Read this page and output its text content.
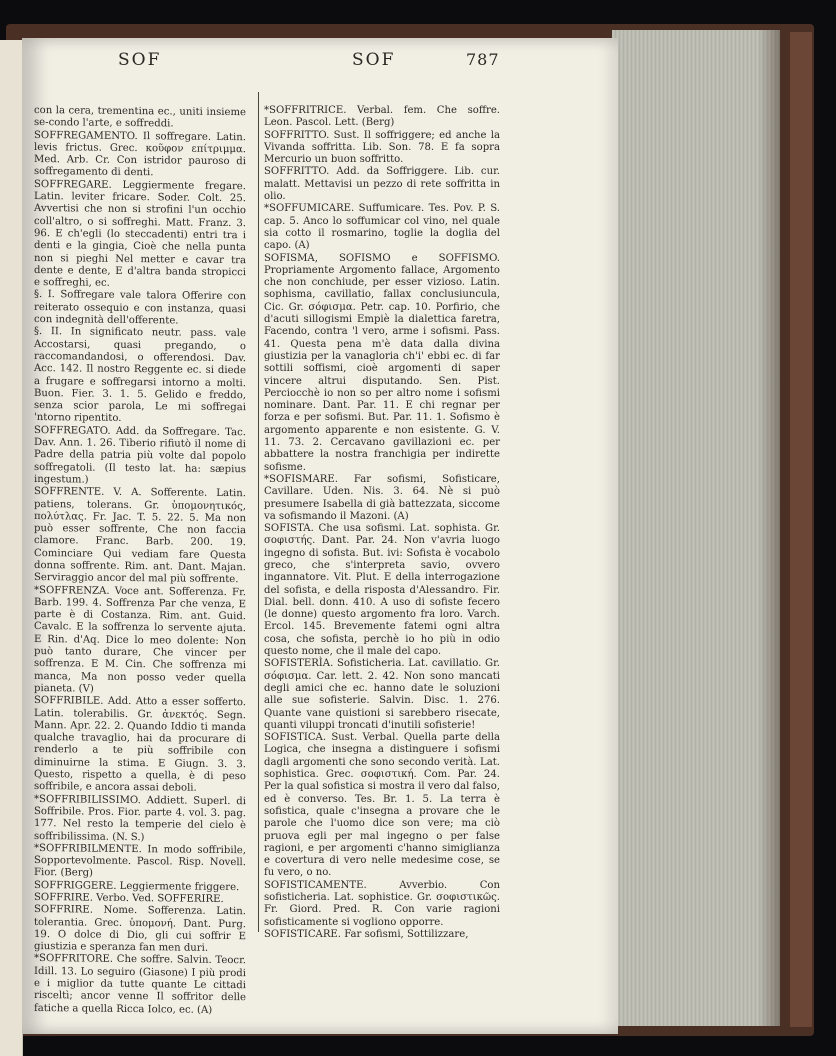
SOF	SOF	787

con la cera, trementina ec., uniti insieme se-condo l'arte, e soffreddi.

SOFFREGAMENTO. Il soffregare. Latin. levis frictus. Grec. κοῦφον επίτριμμα. Med. Arb. Cr. Con istridor pauroso di soffregamento di denti.

SOFFREGARE. Leggiermente fregare. Latin. leviter fricare. Soder. Colt. 25. Avvertisi che non si strofini l'un occhio coll'altro, o si soffreghi. Matt. Franz. 3. 96. E ch'egli (lo steccadenti) entri tra i denti e la gingia, Cioè che nella punta non si pieghi Nel metter e cavar tra dente e dente, E d'altra banda stropicci e soffreghi, ec.

§. I. Soffregare vale talora Offerire con reiterato ossequio e con instanza, quasi con indegnità dell'offerente.

§. II. In significato neutr. pass. vale Accostarsi, quasi pregando, o raccomandandosi, o offerendosi. Dav. Acc. 142. Il nostro Reggente ec. si diede a frugare e soffregarsi intorno a molti. Buon. Fier. 3. 1. 5. Gelido e freddo, senza scior parola, Le mi soffregai 'ntorno ripentito.

SOFFREGATO. Add. da Soffregare. Tac. Dav. Ann. 1. 26. Tiberio rifiutò il nome di Padre della patria più volte dal popolo soffregatoli. (Il testo lat. ha: sæpius ingestum.)

SOFFRENTE. V. A. Sofferente. Latin. patiens, tolerans. Gr. ὑπομονητικός, πολύτλας. Fr. Jac. T. 5. 22. 5. Ma non può esser soffrente, Che non faccia clamore. Franc. Barb. 200. 19. Cominciare Qui vediam fare Questa donna soffrente. Rim. ant. Dant. Majan. Serviraggio ancor del mal più soffrente.

*SOFFRENZA. Voce ant. Sofferenza. Fr. Barb. 199. 4. Soffrenza Par che venza, E parte è di Costanza. Rim. ant. Guid. Cavalc. E la soffrenza lo servente ajuta. E Rin. d'Aq. Dice lo meo dolente: Non può tanto durare, Che vincer per soffrenza. E M. Cin. Che soffrenza mi manca, Ma non posso veder quella pianeta. (V)

SOFFRIBILE. Add. Atto a esser sofferto. Latin. tolerabilis. Gr. ἀνεκτός. Segn. Mann. Apr. 22. 2. Quando Iddio ti manda qualche travaglio, hai da procurare di renderlo a te più soffribile con diminuirne la stima. E Giugn. 3. 3. Questo, rispetto a quella, è di peso soffribile, e ancora assai deboli.

*SOFFRIBILISSIMO. Addiett. Superl. di Soffribile. Pros. Fior. parte 4. vol. 3. pag. 177. Nel resto la temperie del cielo è soffribilissima. (N. S.)

*SOFFRIBILMENTE. In modo soffribile, Sopportevolmente. Pascol. Risp. Novell. Fior. (Berg)

SOFFRIGGERE. Leggiermente friggere.

SOFFRIRE. Verbo. Ved. SOFFERIRE.

SOFFRIRE. Nome. Sofferenza. Latin. tolerantia. Grec. ὑπομονή. Dant. Purg. 19. O dolce di Dio, gli cui soffrir E giustizia e speranza fan men duri.

*SOFFRITORE. Che soffre. Salvin. Teocr. Idill. 13. Lo seguiro (Giasone) I più prodi e i miglior da tutte quante Le cittadi risceltì; ancor venne Il soffritor delle fatiche a quella Ricca Iolco, ec. (A)

*SOFFRITRICE. Verbal. fem. Che soffre. Leon. Pascol. Lett. (Berg)

SOFFRITTO. Sust. Il soffriggere; ed anche la Vivanda soffritta. Lib. Son. 78. E fa sopra Mercurio un buon soffritto.

SOFFRITTO. Add. da Soffriggere. Lib. cur. malatt. Mettavisi un pezzo di rete soffritta in olio.

*SOFFUMICARE. Suffumicare. Tes. Pov. P. S. cap. 5. Anco lo soffumicar col vino, nel quale sia cotto il rosmarino, toglie la doglia del capo. (A)

SOFISMA, SOFISMO e SOFFISMO. Propriamente Argomento fallace, Argomento che non conchiude, per esser vizioso. Latin. sophisma, cavillatio, fallax conclusiuncula, Cic. Gr. σόφισμα. Petr. cap. 10. Porfirio, che d'acuti sillogismi Empiè la dialettica faretra, Facendo, contra 'l vero, arme i sofismi. Pass. 41. Questa pena m'è data dalla divina giustizia per la vanagloria ch'i' ebbi ec. di far sottili soffismi, cioè argomenti di saper vincere altrui disputando. Sen. Pist. Perciocchè io non so per altro nome i sofismi nominare. Dant. Par. 11. E chi regnar per forza e per sofismi. But. Par. 11. 1. Sofismo è argomento apparente e non esistente. G. V. 11. 73. 2. Cercavano gavillazioni ec. per abbattere la nostra franchigia per indirette sofisme.

*SOFISMARE. Far sofismi, Sofisticare, Cavillare. Uden. Nis. 3. 64. Nè si può presumere Isabella di già battezzata, siccome va sofismando il Mazoni. (A)

SOFISTA. Che usa sofismi. Lat. sophista. Gr. σοφιστής. Dant. Par. 24. Non v'avria luogo ingegno di sofista. But. ivi: Sofista è vocabolo greco, che s'interpreta savio, ovvero ingannatore. Vit. Plut. E della interrogazione del sofista, e della risposta d'Alessandro. Fir. Dial. bell. donn. 410. A uso di sofiste fecero (le donne) questo argomento fra loro. Varch. Ercol. 145. Brevemente fatemi ogni altra cosa, che sofista, perchè io ho più in odio questo nome, che il male del capo.

SOFISTERÌA. Sofisticheria. Lat. cavillatio. Gr. σόφισμα. Car. lett. 2. 42. Non sono mancati degli amici che ec. hanno date le soluzioni alle sue sofisterie. Salvin. Disc. 1. 276. Quante vane quistioni si sarebbero risecate, quanti viluppi troncati d'inutili sofisterie!

SOFISTICA. Sust. Verbal. Quella parte della Logica, che insegna a distinguere i sofismi dagli argomenti che sono secondo verità. Lat. sophistica. Grec. σοφιστική. Com. Par. 24. Per la qual sofistica si mostra il vero dal falso, ed è converso. Tes. Br. 1. 5. La terra è sofistica, quale c'insegna a provare che le parole che l'uomo dice son vere; ma ciò pruova egli per mal ingegno o per false ragioni, e per argomenti c'hanno simiglianza e covertura di vero nelle medesime cose, se fu vero, o no.

SOFISTICAMENTE. Avverbio. Con sofisticheria. Lat. sophistice. Gr. σοφιστικῶς. Fr. Giord. Pred. R. Con varie ragioni sofisticamente si vogliono opporre.

SOFISTICARE. Far sofismi, Sottilizzare,
